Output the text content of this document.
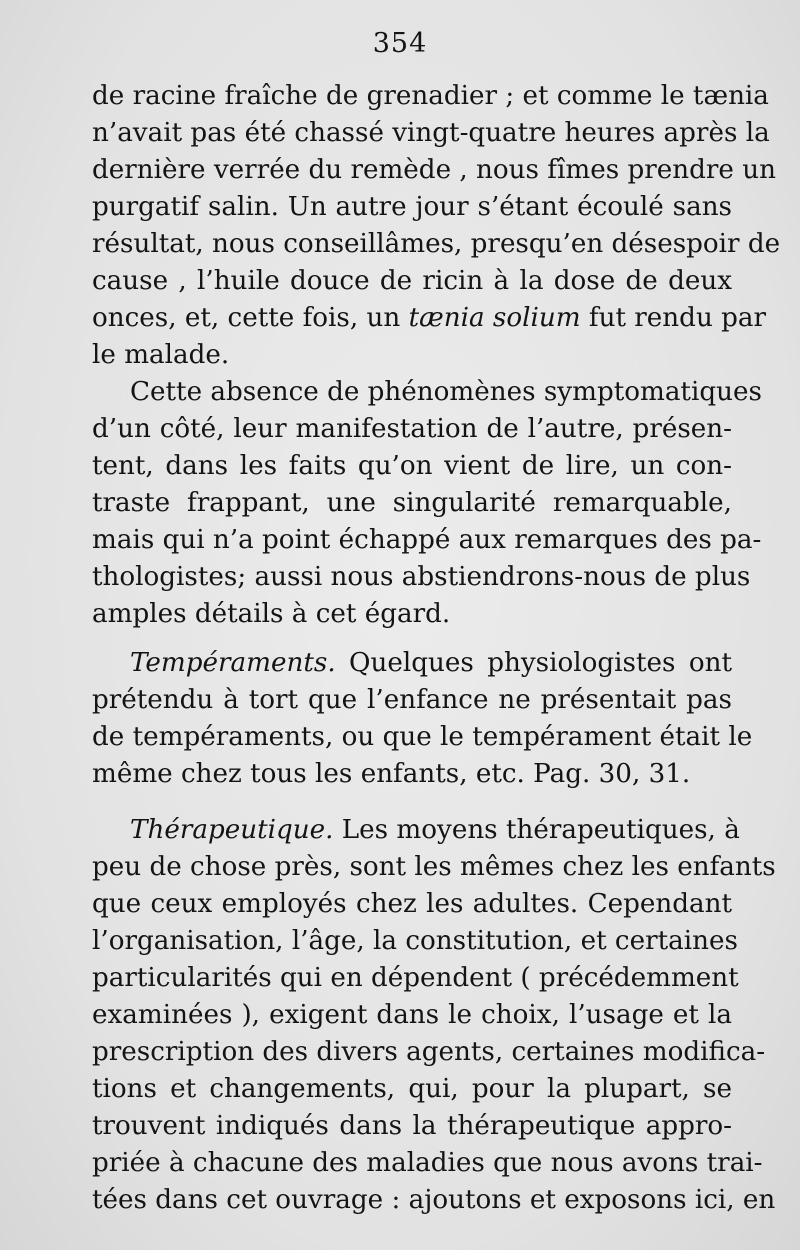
354
de racine fraîche de grenadier ; et comme le tænia
n’avait pas été chassé vingt-quatre heures après la
dernière verrée du remède , nous fîmes prendre un
purgatif salin. Un autre jour s’étant écoulé sans
résultat, nous conseillâmes, presqu’en désespoir de
cause , l’huile douce de ricin à la dose de deux
onces, et, cette fois, un tænia solium fut rendu par
le malade.
Cette absence de phénomènes symptomatiques
d’un côté, leur manifestation de l’autre, présen-
tent, dans les faits qu’on vient de lire, un con-
traste frappant, une singularité remarquable,
mais qui n’a point échappé aux remarques des pa-
thologistes; aussi nous abstiendrons-nous de plus
amples détails à cet égard.
Tempéraments. Quelques physiologistes ont
prétendu à tort que l’enfance ne présentait pas
de tempéraments, ou que le tempérament était le
même chez tous les enfants, etc. Pag. 30, 31.
Thérapeutique. Les moyens thérapeutiques, à
peu de chose près, sont les mêmes chez les enfants
que ceux employés chez les adultes. Cependant
l’organisation, l’âge, la constitution, et certaines
particularités qui en dépendent ( précédemment
examinées ), exigent dans le choix, l’usage et la
prescription des divers agents, certaines modifica-
tions et changements, qui, pour la plupart, se
trouvent indiqués dans la thérapeutique appro-
priée à chacune des maladies que nous avons trai-
tées dans cet ouvrage : ajoutons et exposons ici, en
